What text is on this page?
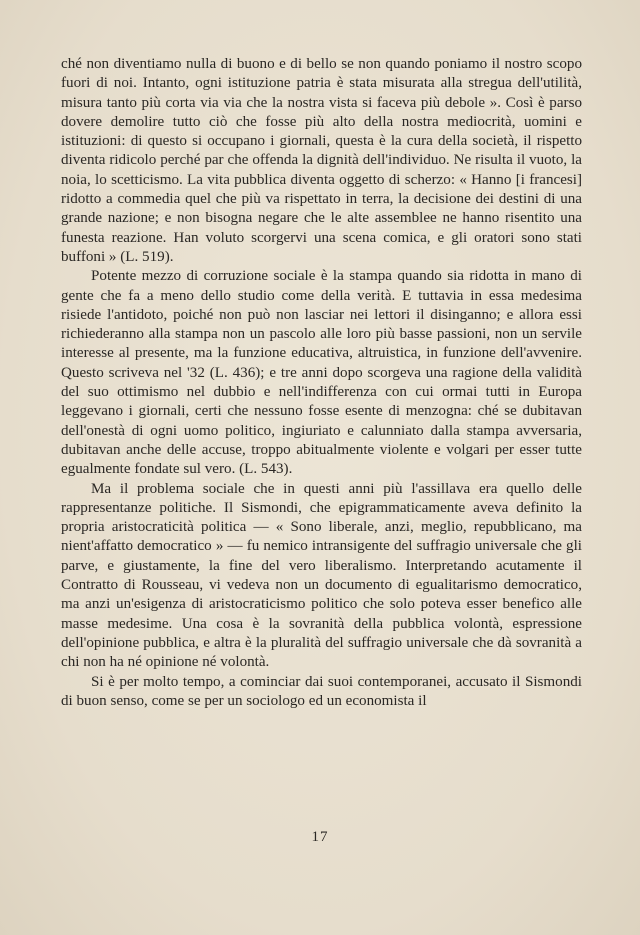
ché non diventiamo nulla di buono e di bello se non quando poniamo il nostro scopo fuori di noi. Intanto, ogni istituzione patria è stata misurata alla stregua dell'utilità, misura tanto più corta via via che la nostra vista si faceva più debole ». Così è parso dovere demolire tutto ciò che fosse più alto della nostra mediocrità, uomini e istituzioni: di questo si occupano i giornali, questa è la cura della società, il rispetto diventa ridicolo perché par che offenda la dignità dell'individuo. Ne risulta il vuoto, la noia, lo scetticismo. La vita pubblica diventa oggetto di scherzo: « Hanno [i francesi] ridotto a commedia quel che più va rispettato in terra, la decisione dei destini di una grande nazione; e non bisogna negare che le alte assemblee ne hanno risentito una funesta reazione. Han voluto scorgervi una scena comica, e gli oratori sono stati buffoni » (L. 519).

Potente mezzo di corruzione sociale è la stampa quando sia ridotta in mano di gente che fa a meno dello studio come della verità. E tuttavia in essa medesima risiede l'antidoto, poiché non può non lasciar nei lettori il disinganno; e allora essi richiederanno alla stampa non un pascolo alle loro più basse passioni, non un servile interesse al presente, ma la funzione educativa, altruistica, in funzione dell'avvenire. Questo scriveva nel '32 (L. 436); e tre anni dopo scorgeva una ragione della validità del suo ottimismo nel dubbio e nell'indifferenza con cui ormai tutti in Europa leggevano i giornali, certi che nessuno fosse esente di menzogna: ché se dubitavan dell'onestà di ogni uomo politico, ingiuriato e calunniato dalla stampa avversaria, dubitavan anche delle accuse, troppo abitualmente violente e volgari per esser tutte egualmente fondate sul vero. (L. 543).

Ma il problema sociale che in questi anni più l'assillava era quello delle rappresentanze politiche. Il Sismondi, che epigrammaticamente aveva definito la propria aristocraticità politica — « Sono liberale, anzi, meglio, repubblicano, ma nient'affatto democratico » — fu nemico intransigente del suffragio universale che gli parve, e giustamente, la fine del vero liberalismo. Interpretando acutamente il Contratto di Rousseau, vi vedeva non un documento di egualitarismo democratico, ma anzi un'esigenza di aristocraticismo politico che solo poteva esser benefico alle masse medesime. Una cosa è la sovranità della pubblica volontà, espressione dell'opinione pubblica, e altra è la pluralità del suffragio universale che dà sovranità a chi non ha né opinione né volontà.

Si è per molto tempo, a cominciar dai suoi contemporanei, accusato il Sismondi di buon senso, come se per un sociologo ed un economista il

17
